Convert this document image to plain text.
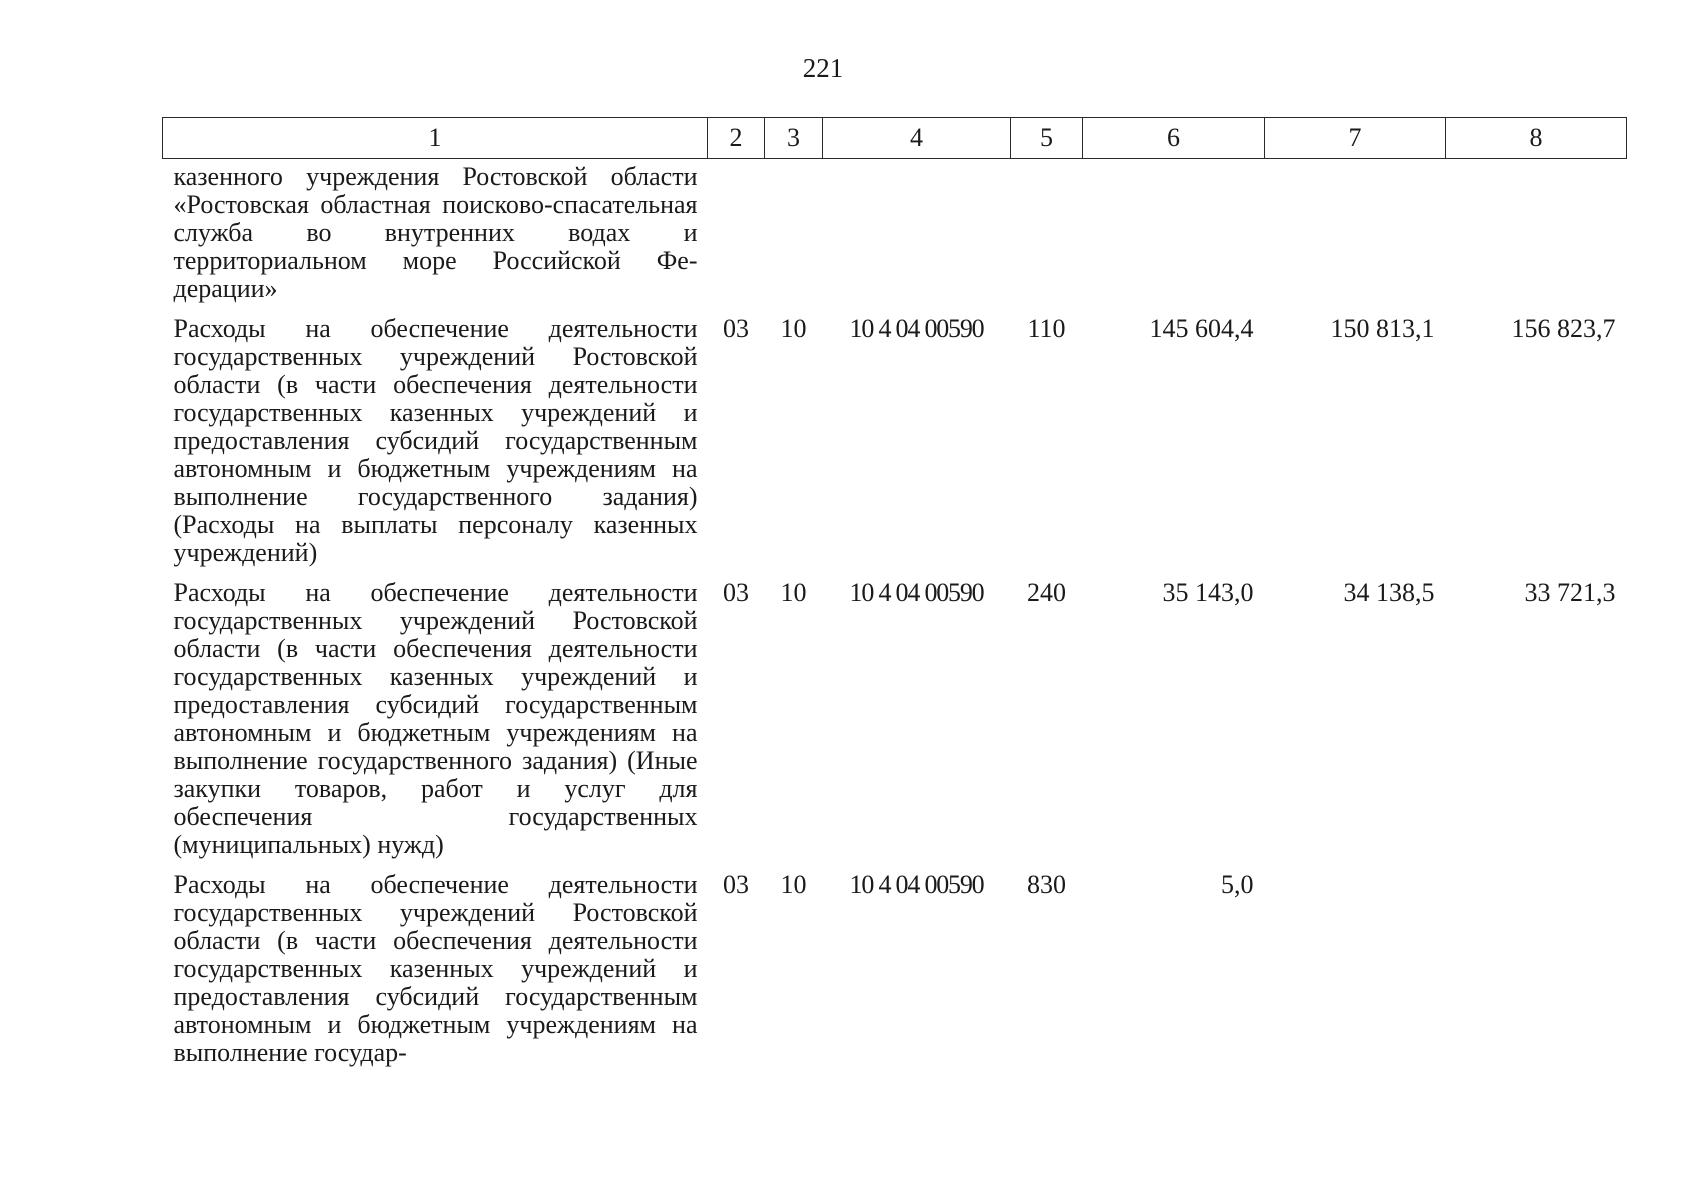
221
1	2	3	4	5	6	7	8
казенного учреждения Ростовской области «Ростовская областная поисково-спасательная служба во внутренних водах и территориальном море Российской Федерации»							
Расходы на обеспечение деятельности государственных учреждений Ростовской области (в части обеспечения деятельности государственных казенных учреждений и предоставления субсидий государственным автономным и бюджетным учреждениям на выполнение государственного задания) (Расходы на выплаты персоналу казенных учреждений)	03	10	10 4 04 00590	110	145 604,4	150 813,1	156 823,7
Расходы на обеспечение деятельности государственных учреждений Ростовской области (в части обеспечения деятельности государственных казенных учреждений и предоставления субсидий государственным автономным и бюджетным учреждениям на выполнение государственного задания) (Иные закупки товаров, работ и услуг для обеспечения государственных (муниципальных) нужд)	03	10	10 4 04 00590	240	35 143,0	34 138,5	33 721,3
Расходы на обеспечение деятельности государственных учреждений Ростовской области (в части обеспечения деятельности государственных казенных учреждений и предоставления субсидий государственным автономным и бюджетным учреждениям на выполнение государ-	03	10	10 4 04 00590	830	5,0		
